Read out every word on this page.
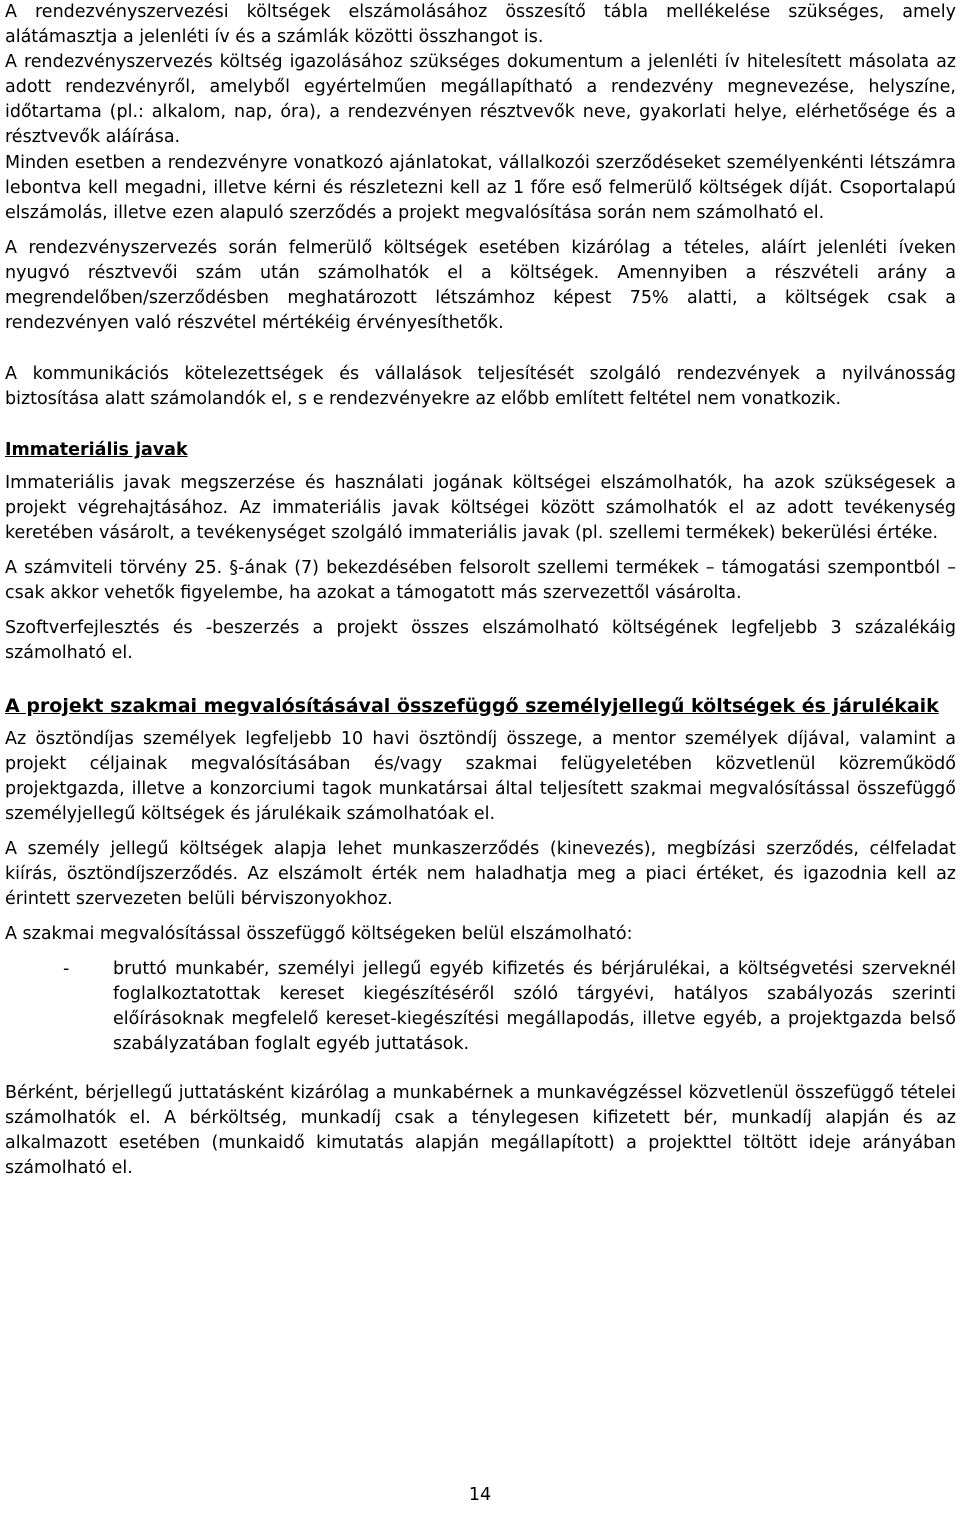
A rendezvényszervezési költségek elszámolásához összesítő tábla mellékelése szükséges, amely alátámasztja a jelenléti ív és a számlák közötti összhangot is.

A rendezvényszervezés költség igazolásához szükséges dokumentum a jelenléti ív hitelesített másolata az adott rendezvényről, amelyből egyértelműen megállapítható a rendezvény megnevezése, helyszíne, időtartama (pl.: alkalom, nap, óra), a rendezvényen résztvevők neve, gyakorlati helye, elérhetősége és a résztvevők aláírása.

Minden esetben a rendezvényre vonatkozó ajánlatokat, vállalkozói szerződéseket személyenkénti létszámra lebontva kell megadni, illetve kérni és részletezni kell az 1 főre eső felmerülő költségek díját. Csoportalapú elszámolás, illetve ezen alapuló szerződés a projekt megvalósítása során nem számolható el.

A rendezvényszervezés során felmerülő költségek esetében kizárólag a tételes, aláírt jelenléti íveken nyugvó résztvevői szám után számolhatók el a költségek. Amennyiben a részvételi arány a megrendelőben/szerződésben meghatározott létszámhoz képest 75% alatti, a költségek csak a rendezvényen való részvétel mértékéig érvényesíthetők.

A kommunikációs kötelezettségek és vállalások teljesítését szolgáló rendezvények a nyilvánosság biztosítása alatt számolandók el, s e rendezvényekre az előbb említett feltétel nem vonatkozik.

Immateriális javak

Immateriális javak megszerzése és használati jogának költségei elszámolhatók, ha azok szükségesek a projekt végrehajtásához. Az immateriális javak költségei között számolhatók el az adott tevékenység keretében vásárolt, a tevékenységet szolgáló immateriális javak (pl. szellemi termékek) bekerülési értéke.

A számviteli törvény 25. §-ának (7) bekezdésében felsorolt szellemi termékek – támogatási szempontból – csak akkor vehetők figyelembe, ha azokat a támogatott más szervezettől vásárolta.

Szoftverfejlesztés és -beszerzés a projekt összes elszámolható költségének legfeljebb 3 százalékáig számolható el.

A projekt szakmai megvalósításával összefüggő személyjellegű költségek és járulékaik

Az ösztöndíjas személyek legfeljebb 10 havi ösztöndíj összege, a mentor személyek díjával, valamint a projekt céljainak megvalósításában és/vagy szakmai felügyeletében közvetlenül közreműködő projektgazda, illetve a konzorciumi tagok munkatársai által teljesített szakmai megvalósítással összefüggő személyjellegű költségek és járulékaik számolhatóak el.

A személy jellegű költségek alapja lehet munkaszerződés (kinevezés), megbízási szerződés, célfeladat kiírás, ösztöndíjszerződés. Az elszámolt érték nem haladhatja meg a piaci értéket, és igazodnia kell az érintett szervezeten belüli bérviszonyokhoz.

A szakmai megvalósítással összefüggő költségeken belül elszámolható:

- bruttó munkabér, személyi jellegű egyéb kifizetés és bérjárulékai, a költségvetési szerveknél foglalkoztatottak kereset kiegészítéséről szóló tárgyévi, hatályos szabályozás szerinti előírásoknak megfelelő kereset-kiegészítési megállapodás, illetve egyéb, a projektgazda belső szabályzatában foglalt egyéb juttatások.

Bérként, bérjellegű juttatásként kizárólag a munkabérnek a munkavégzéssel közvetlenül összefüggő tételei számolhatók el. A bérköltség, munkadíj csak a ténylegesen kifizetett bér, munkadíj alapján és az alkalmazott esetében (munkaidő kimutatás alapján megállapított) a projekttel töltött ideje arányában számolható el.

14
